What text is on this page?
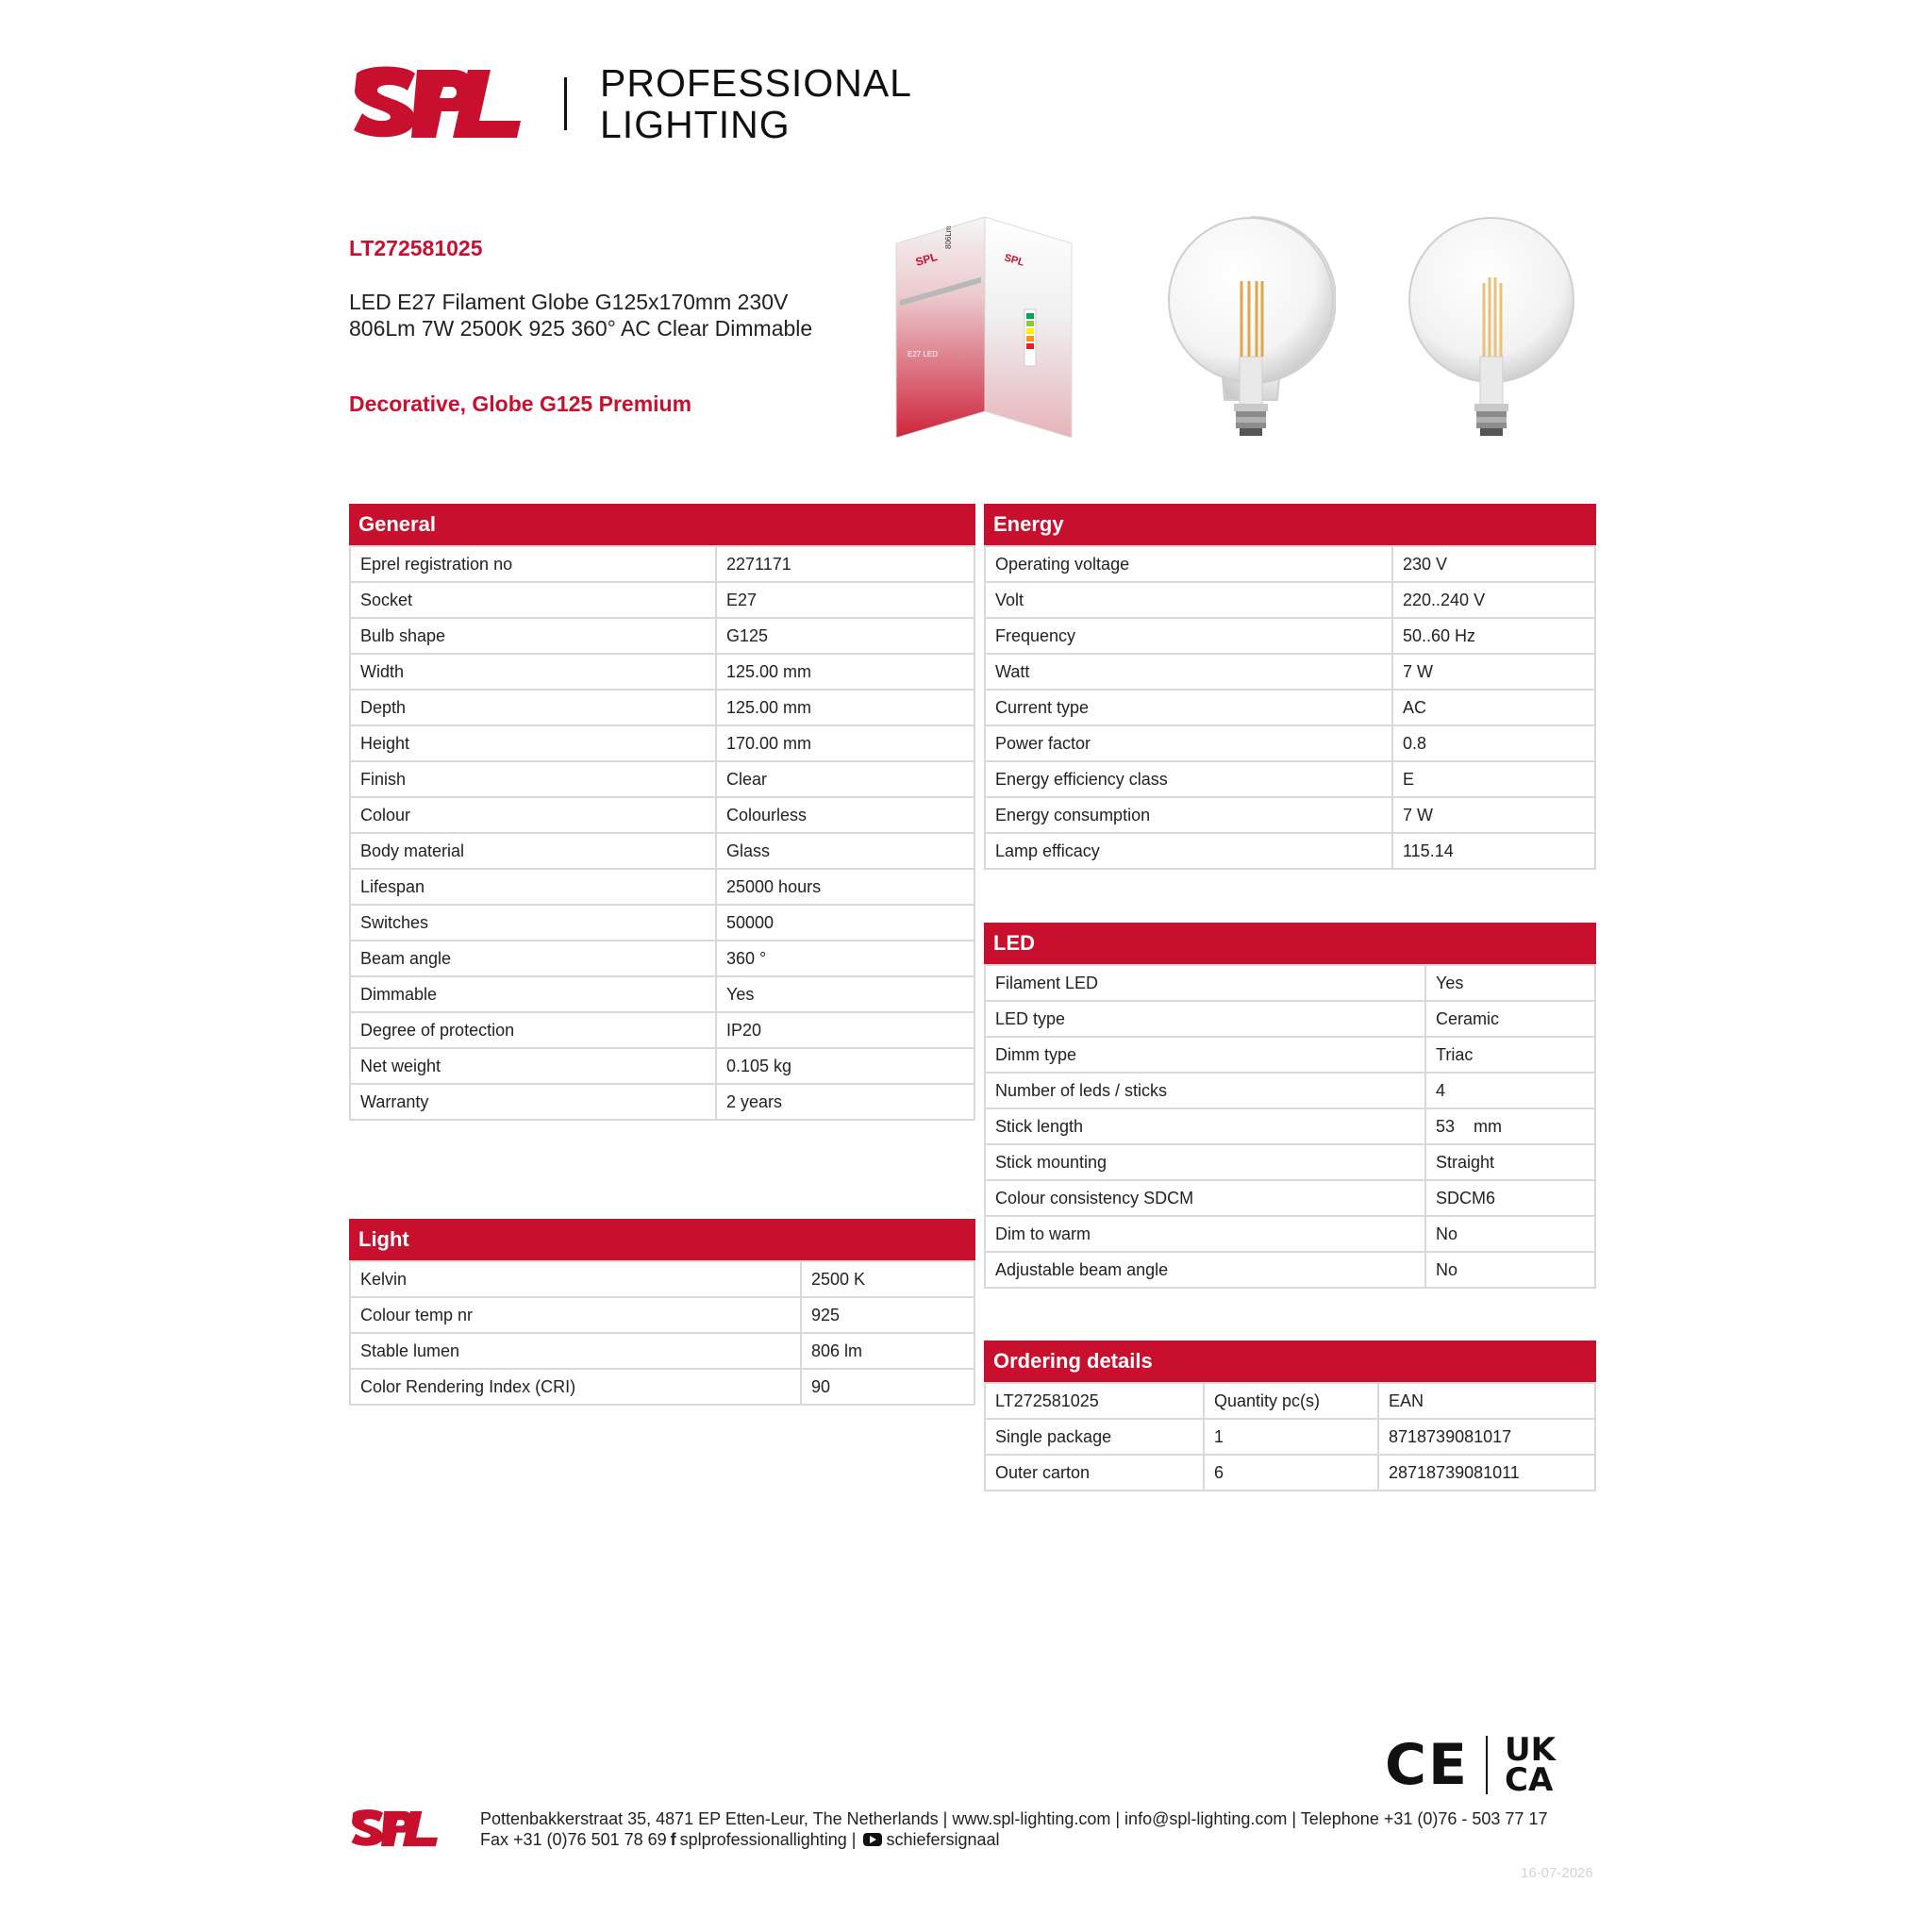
PROFESSIONAL
LIGHTING
LT272581025
LED E27 Filament Globe G125x170mm 230V 806Lm 7W 2500K 925 360° AC Clear Dimmable
Decorative, Globe G125 Premium
SPL
806Lm
E27 LED
SPL
General
Eprel registration no	2271171
Socket	E27
Bulb shape	G125
Width	125.00 mm
Depth	125.00 mm
Height	170.00 mm
Finish	Clear
Colour	Colourless
Body material	Glass
Lifespan	25000 hours
Switches	50000
Beam angle	360 °
Dimmable	Yes
Degree of protection	IP20
Net weight	0.105 kg
Warranty	2 years
Light
Kelvin	2500 K
Colour temp nr	925
Stable lumen	806 lm
Color Rendering Index (CRI)	90
Energy
Operating voltage	230 V
Volt	220..240 V
Frequency	50..60 Hz
Watt	7 W
Current type	AC
Power factor	0.8
Energy efficiency class	E
Energy consumption	7 W
Lamp efficacy	115.14
LED
Filament LED	Yes
LED type	Ceramic
Dimm type	Triac
Number of leds / sticks	4
Stick length	53    mm
Stick mounting	Straight
Colour consistency SDCM	SDCM6
Dim to warm	No
Adjustable beam angle	No
Ordering details
LT272581025	Quantity pc(s)	EAN
Single package	1	8718739081017
Outer carton	6	28718739081011
CE UK
CA
Pottenbakkerstraat 35, 4871 EP Etten-Leur, The Netherlands | www.spl-lighting.com | info@spl-lighting.com | Telephone +31 (0)76 - 503 77 17
Fax +31 (0)76 501 78 69 f splprofessionallighting | schiefersignaal
16-07-2026
